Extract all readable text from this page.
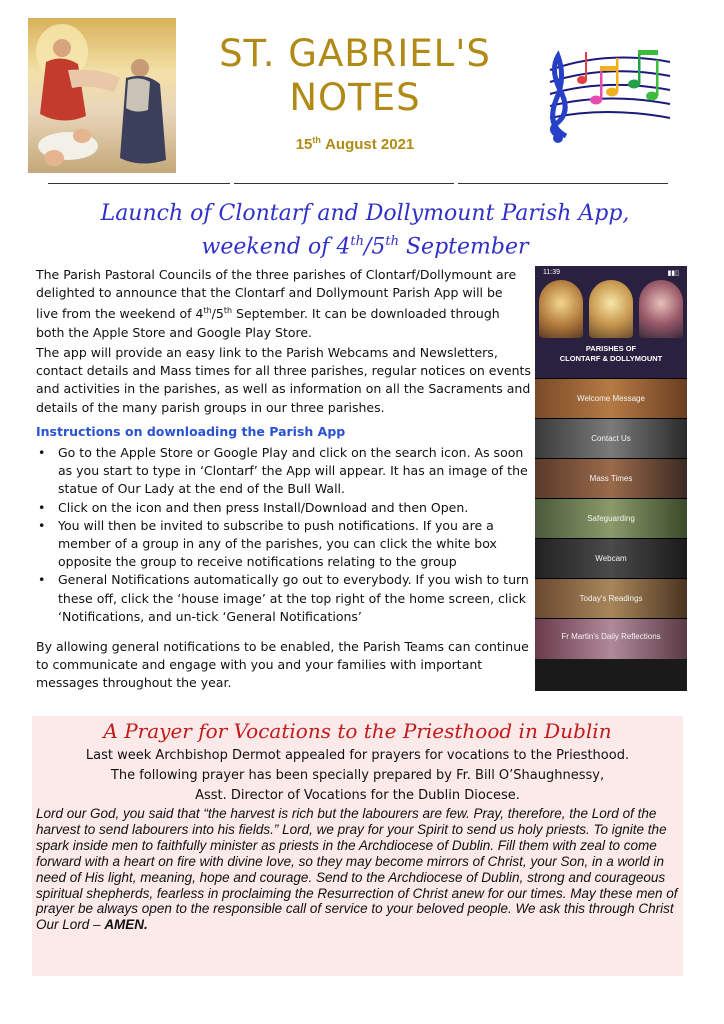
ST. GABRIEL'S
NOTES
15th August 2021
Launch of Clontarf and Dollymount Parish App,
weekend of 4th/5th September
The Parish Pastoral Councils of the three parishes of Clontarf/Dollymount are delighted to announce that the Clontarf and Dollymount Parish App will be live from the weekend of 4th/5th September. It can be downloaded through both the Apple Store and Google Play Store.
The app will provide an easy link to the Parish Webcams and Newsletters, contact details and Mass times for all three parishes, regular notices on events and activities in the parishes, as well as information on all the Sacraments and details of the many parish groups in our three parishes.
Instructions on downloading the Parish App
• Go to the Apple Store or Google Play and click on the search icon. As soon as you start to type in ‘Clontarf’ the App will appear. It has an image of the statue of Our Lady at the end of the Bull Wall.
• Click on the icon and then press Install/Download and then Open.
• You will then be invited to subscribe to push notifications. If you are a member of a group in any of the parishes, you can click the white box opposite the group to receive notifications relating to the group
• General Notifications automatically go out to everybody. If you wish to turn these off, click the ‘house image’ at the top right of the home screen, click ‘Notifications, and un-tick ‘General Notifications’
By allowing general notifications to be enabled, the Parish Teams can continue to communicate and engage with you and your families with important messages throughout the year.
11:39	▮▮▯
PARISHES OF
CLONTARF & DOLLYMOUNT
Welcome Message
Contact Us
Mass Times
Safeguarding
Webcam
Today's Readings
Fr Martin's Daily Reflections
A Prayer for Vocations to the Priesthood in Dublin
Last week Archbishop Dermot appealed for prayers for vocations to the Priesthood.
The following prayer has been specially prepared by Fr. Bill O’Shaughnessy,
Asst. Director of Vocations for the Dublin Diocese.
Lord our God, you said that “the harvest is rich but the labourers are few. Pray, therefore, the Lord of the harvest to send labourers into his fields.” Lord, we pray for your Spirit to send us holy priests. To ignite the spark inside men to faithfully minister as priests in the Archdiocese of Dublin. Fill them with zeal to come forward with a heart on fire with divine love, so they may become mirrors of Christ, your Son, in a world in need of His light, meaning, hope and courage. Send to the Archdiocese of Dublin, strong and courageous spiritual shepherds, fearless in proclaiming the Resurrection of Christ anew for our times. May these men of prayer be always open to the responsible call of service to your beloved people. We ask this through Christ Our Lord – AMEN.
